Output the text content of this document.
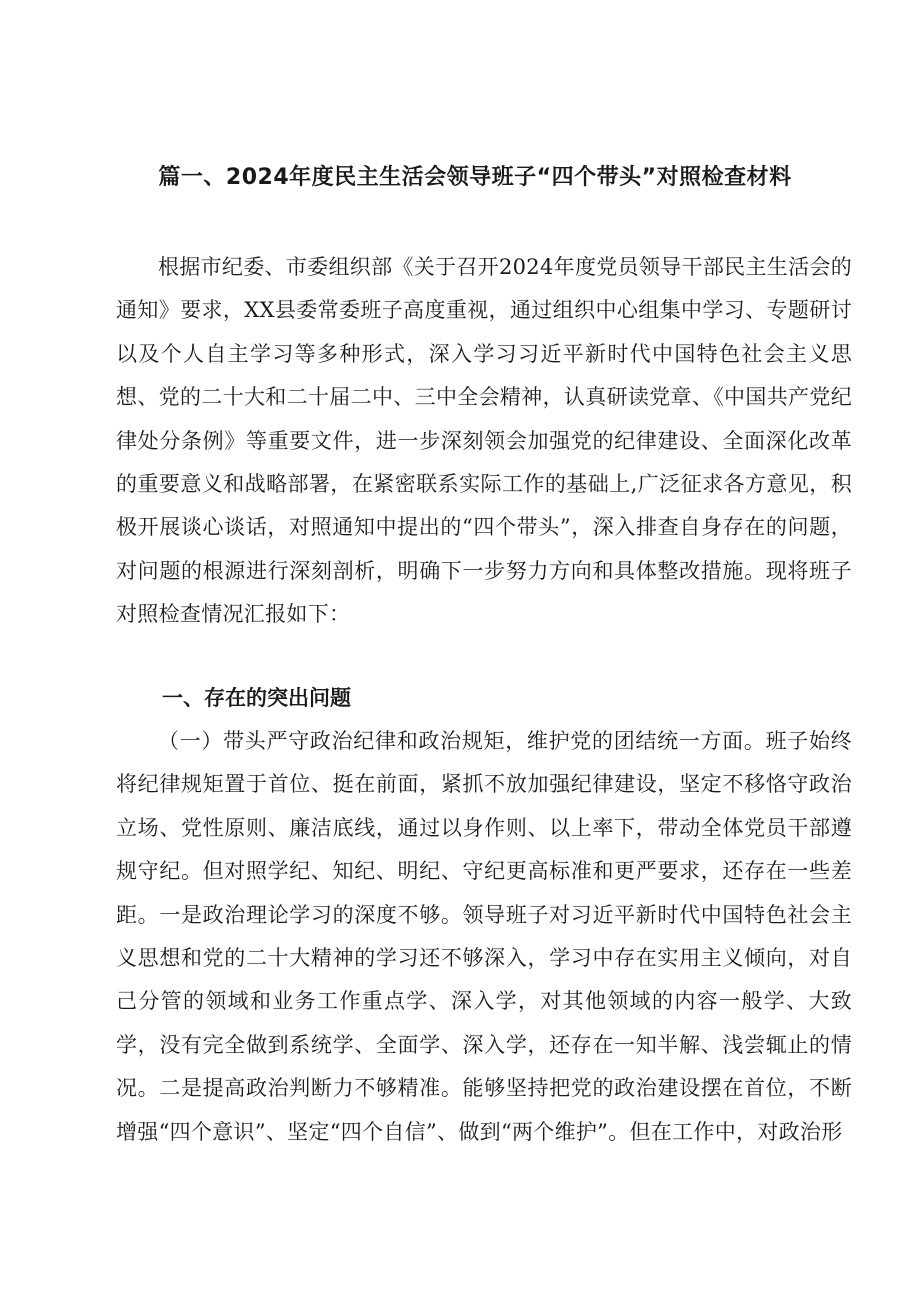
篇一、2024年度民主生活会领导班子“四个带头”对照检查材料

根据市纪委、市委组织部《关于召开2024年度党员领导干部民主生活会的通知》要求，XX县委常委班子高度重视，通过组织中心组集中学习、专题研讨以及个人自主学习等多种形式，深入学习习近平新时代中国特色社会主义思想、党的二十大和二十届二中、三中全会精神，认真研读党章、《中国共产党纪律处分条例》等重要文件，进一步深刻领会加强党的纪律建设、全面深化改革的重要意义和战略部署，在紧密联系实际工作的基础上,广泛征求各方意见，积极开展谈心谈话，对照通知中提出的“四个带头”，深入排查自身存在的问题，对问题的根源进行深刻剖析，明确下一步努力方向和具体整改措施。现将班子对照检查情况汇报如下：

一、存在的突出问题

（一）带头严守政治纪律和政治规矩，维护党的团结统一方面。班子始终将纪律规矩置于首位、挺在前面，紧抓不放加强纪律建设，坚定不移恪守政治立场、党性原则、廉洁底线，通过以身作则、以上率下，带动全体党员干部遵规守纪。但对照学纪、知纪、明纪、守纪更高标准和更严要求，还存在一些差距。一是政治理论学习的深度不够。领导班子对习近平新时代中国特色社会主义思想和党的二十大精神的学习还不够深入，学习中存在实用主义倾向，对自己分管的领域和业务工作重点学、深入学，对其他领域的内容一般学、大致学，没有完全做到系统学、全面学、深入学，还存在一知半解、浅尝辄止的情况。二是提高政治判断力不够精准。能够坚持把党的政治建设摆在首位，不断增强“四个意识”、坚定“四个自信”、做到“两个维护”。但在工作中，对政治形
